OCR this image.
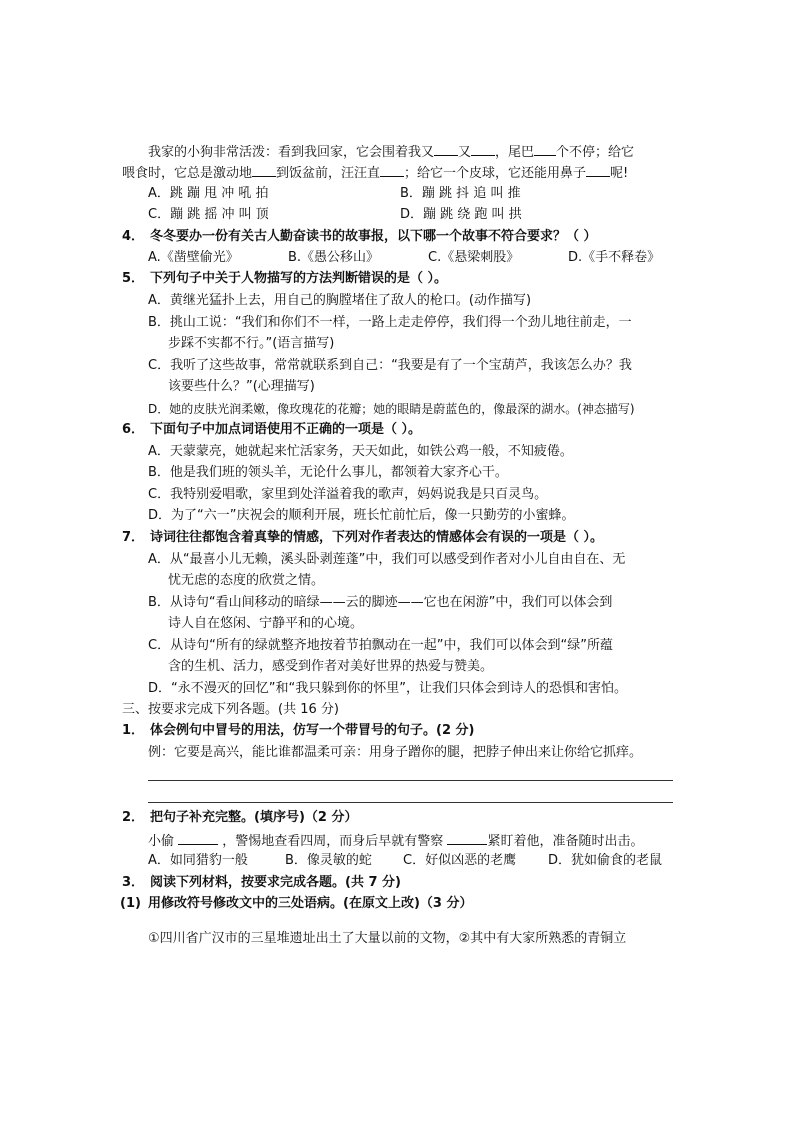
我家的小狗非常活泼：看到我回家，它会围着我又 又 ，尾巴 个不停；给它
喂食时，它总是激动地 到饭盆前，汪汪直 ；给它一个皮球，它还能用鼻子 呢!
A．跳 蹦 甩 冲 吼 拍	B．蹦 跳 抖 追 叫 推
C．蹦 跳 摇 冲 叫 顶	D．蹦 跳 绕 跑 叫 拱
4． 冬冬要办一份有关古人勤奋读书的故事报，以下哪一个故事不符合要求？（ ）
A.《凿壁偷光》	B.《愚公移山》	C.《悬梁刺股》	D.《手不释卷》
5． 下列句子中关于人物描写的方法判断错误的是（ ）。
A．黄继光猛扑上去，用自己的胸膛堵住了敌人的枪口。(动作描写)
B．挑山工说：“我们和你们不一样，一路上走走停停，我们得一个劲儿地往前走，一
步踩不实都不行。”(语言描写)
C．我听了这些故事，常常就联系到自己：“我要是有了一个宝葫芦，我该怎么办？我
该要些什么？”(心理描写)
D．她的皮肤光润柔嫩，像玫瑰花的花瓣；她的眼睛是蔚蓝色的，像最深的湖水。(神态描写)
6． 下面句子中加点词语使用不正确的一项是（ ）。
A．天蒙蒙亮，她就起来忙活家务，天天如此，如铁公鸡一般，不知疲倦。
B．他是我们班的领头羊，无论什么事儿，都领着大家齐心干。
C．我特别爱唱歌，家里到处洋溢着我的歌声，妈妈说我是只百灵鸟。
D．为了“六一”庆祝会的顺利开展，班长忙前忙后，像一只勤劳的小蜜蜂。
7． 诗词往往都饱含着真挚的情感，下列对作者表达的情感体会有误的一项是（ ）。
A．从“最喜小儿无赖，溪头卧剥莲蓬”中，我们可以感受到作者对小儿自由自在、无
忧无虑的态度的欣赏之情。
B．从诗句“看山间移动的暗绿——云的脚迹——它也在闲游”中，我们可以体会到
诗人自在悠闲、宁静平和的心境。
C．从诗句“所有的绿就整齐地按着节拍飘动在一起”中，我们可以体会到“绿”所蕴
含的生机、活力，感受到作者对美好世界的热爱与赞美。
D．“永不漫灭的回忆”和“我只躲到你的怀里”，让我们只体会到诗人的恐惧和害怕。
三、按要求完成下列各题。(共 16 分)
1． 体会例句中冒号的用法，仿写一个带冒号的句子。(2 分)
例：它要是高兴，能比谁都温柔可亲：用身子蹭你的腿，把脖子伸出来让你给它抓痒。
2． 把句子补充完整。(填序号)（2 分）
小偷	，警惕地查看四周，而身后早就有警察	紧盯着他，准备随时出击。
A．如同猎豹一般	B．像灵敏的蛇 C．好似凶恶的老鹰 D．犹如偷食的老鼠
3． 阅读下列材料，按要求完成各题。(共 7 分)
(1) 用修改符号修改文中的三处语病。(在原文上改)（3 分）
①四川省广汉市的三星堆遗址出土了大量以前的文物，②其中有大家所熟悉的青铜立
